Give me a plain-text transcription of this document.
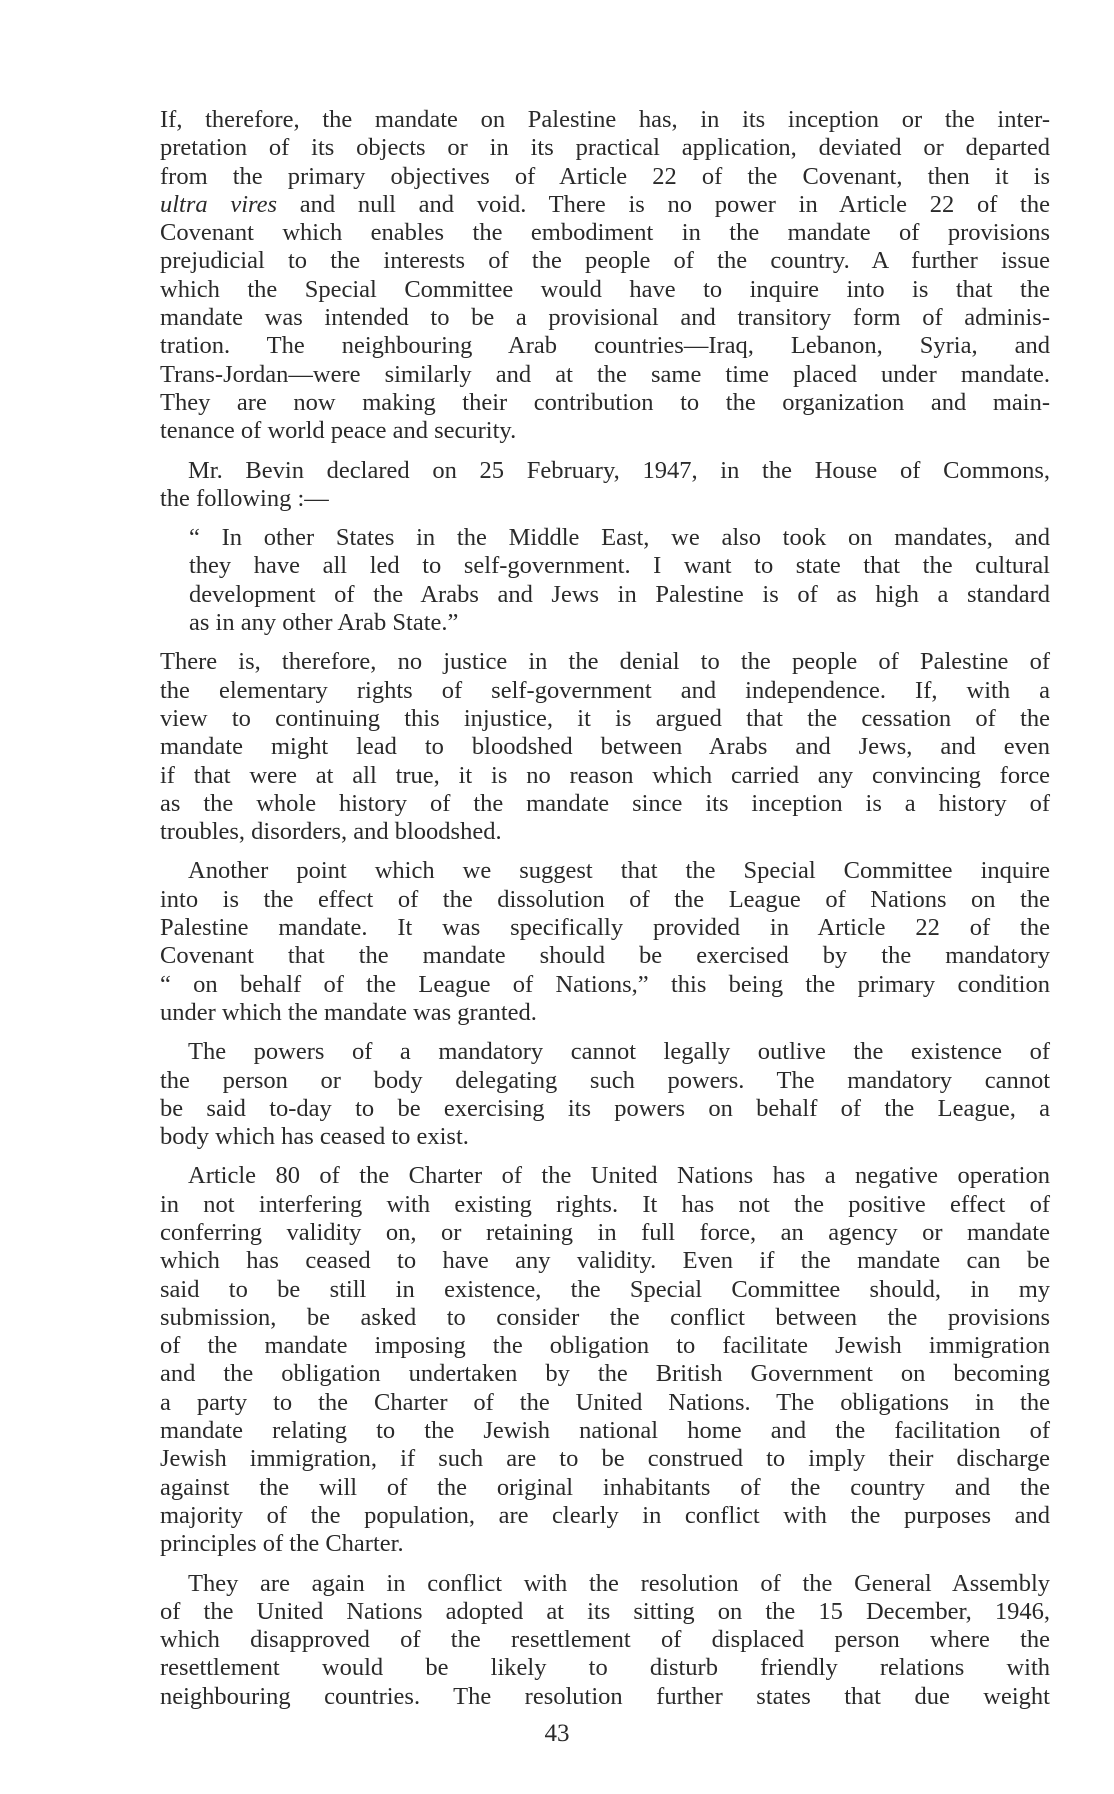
If, therefore, the mandate on Palestine has, in its inception or the inter-
pretation of its objects or in its practical application, deviated or departed
from the primary objectives of Article 22 of the Covenant, then it is
ultra vires and null and void. There is no power in Article 22 of the
Covenant which enables the embodiment in the mandate of provisions
prejudicial to the interests of the people of the country. A further issue
which the Special Committee would have to inquire into is that the
mandate was intended to be a provisional and transitory form of adminis-
tration. The neighbouring Arab countries—Iraq, Lebanon, Syria, and
Trans-Jordan—were similarly and at the same time placed under mandate.
They are now making their contribution to the organization and main-
tenance of world peace and security.
Mr. Bevin declared on 25 February, 1947, in the House of Commons,
the following :—
“ In other States in the Middle East, we also took on mandates, and
they have all led to self-government. I want to state that the cultural
development of the Arabs and Jews in Palestine is of as high a standard
as in any other Arab State.”
There is, therefore, no justice in the denial to the people of Palestine of
the elementary rights of self-government and independence. If, with a
view to continuing this injustice, it is argued that the cessation of the
mandate might lead to bloodshed between Arabs and Jews, and even
if that were at all true, it is no reason which carried any convincing force
as the whole history of the mandate since its inception is a history of
troubles, disorders, and bloodshed.
Another point which we suggest that the Special Committee inquire
into is the effect of the dissolution of the League of Nations on the
Palestine mandate. It was specifically provided in Article 22 of the
Covenant that the mandate should be exercised by the mandatory
“ on behalf of the League of Nations,” this being the primary condition
under which the mandate was granted.
The powers of a mandatory cannot legally outlive the existence of
the person or body delegating such powers. The mandatory cannot
be said to-day to be exercising its powers on behalf of the League, a
body which has ceased to exist.
Article 80 of the Charter of the United Nations has a negative operation
in not interfering with existing rights. It has not the positive effect of
conferring validity on, or retaining in full force, an agency or mandate
which has ceased to have any validity. Even if the mandate can be
said to be still in existence, the Special Committee should, in my
submission, be asked to consider the conflict between the provisions
of the mandate imposing the obligation to facilitate Jewish immigration
and the obligation undertaken by the British Government on becoming
a party to the Charter of the United Nations. The obligations in the
mandate relating to the Jewish national home and the facilitation of
Jewish immigration, if such are to be construed to imply their discharge
against the will of the original inhabitants of the country and the
majority of the population, are clearly in conflict with the purposes and
principles of the Charter.
They are again in conflict with the resolution of the General Assembly
of the United Nations adopted at its sitting on the 15 December, 1946,
which disapproved of the resettlement of displaced person where the
resettlement would be likely to disturb friendly relations with
neighbouring countries. The resolution further states that due weight
43
